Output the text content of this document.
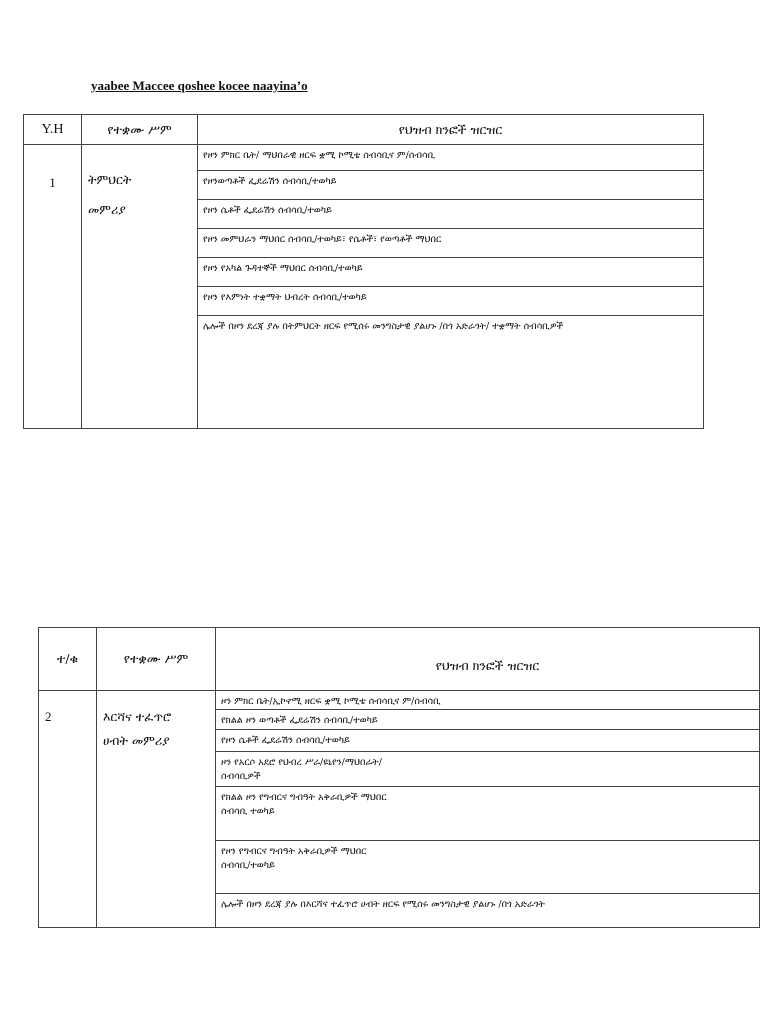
yaabee Maccee qoshee kocee naayina’o
Y.H	የተቋሙ ሥም	የህዝብ ክንፎች ዝርዝር
1	ትምህርት
መምሪያ	የዞን ምክር ቤት/ ማህበራዊ ዘርፍ ቋሚ ኮሚቴ ሰብሳቢና ም/ሰብሳቢ
		የዞንወጣቶች ፌደሬሽን ሰብሳቢ/ተወካይ
		የዞን ሴቶች ፌደሬሽን ሰብሳቢ/ተወካይ
		የዞን መምህራን ማህበር ሰብሳቢ/ተወካይ፣ የሴቶች፣ የወጣቶች ማህበር
		የዞን የአካል ጉዳተኞች ማህበር ሰብሳቢ/ተወካይ
		የዞን የእምነት ተቋማት ህብረት ሰብሳቢ/ተወካይ
		ሌሎች በዞን ደረጃ ያሉ በትምህርት ዘርፍ የሚሰሩ መንግስታዊ ያልሆኑ /በጎ አድራጎት/ ተቋማት ሰብሳቢዎች
ተ/ቁ	የተቋሙ ሥም	የህዝብ ክንፎች ዝርዝር
2	እርሻና ተፈጥሮ
ሀብት መምሪያ	ዞን ምክር ቤት/ኢኮኖሚ ዘርፍ ቋሚ ኮሚቴ ሰብሳቢና ም/ሰብሳቢ
		የክልል ዞን ወጣቶች ፌደሬሽን ሰብሳቢ/ተወካይ
		የዞን ሴቶች ፌደሬሽን ሰብሳቢ/ተወካይ

		ዞን የአርሶ አደሮ የህብረ ሥራ/ዩኒየን/ማህበራት/
ሰብሳቢዎች

		የክልል ዞን የግብርና ግብዓት አቅራቢዎች ማህበር
ሰብሳቢ ተወካይ

		የዞን የግብርና ግብዓት አቅራቢዎች ማህበር
ሰብሳቢ/ተወካይ

		ሌሎች በዞን ደረጃ ያሉ በእርሻና ተፈጥሮ ሀብት ዘርፍ የሚሰሩ መንግስታዊ ያልሆኑ /በጎ አድራጎት
